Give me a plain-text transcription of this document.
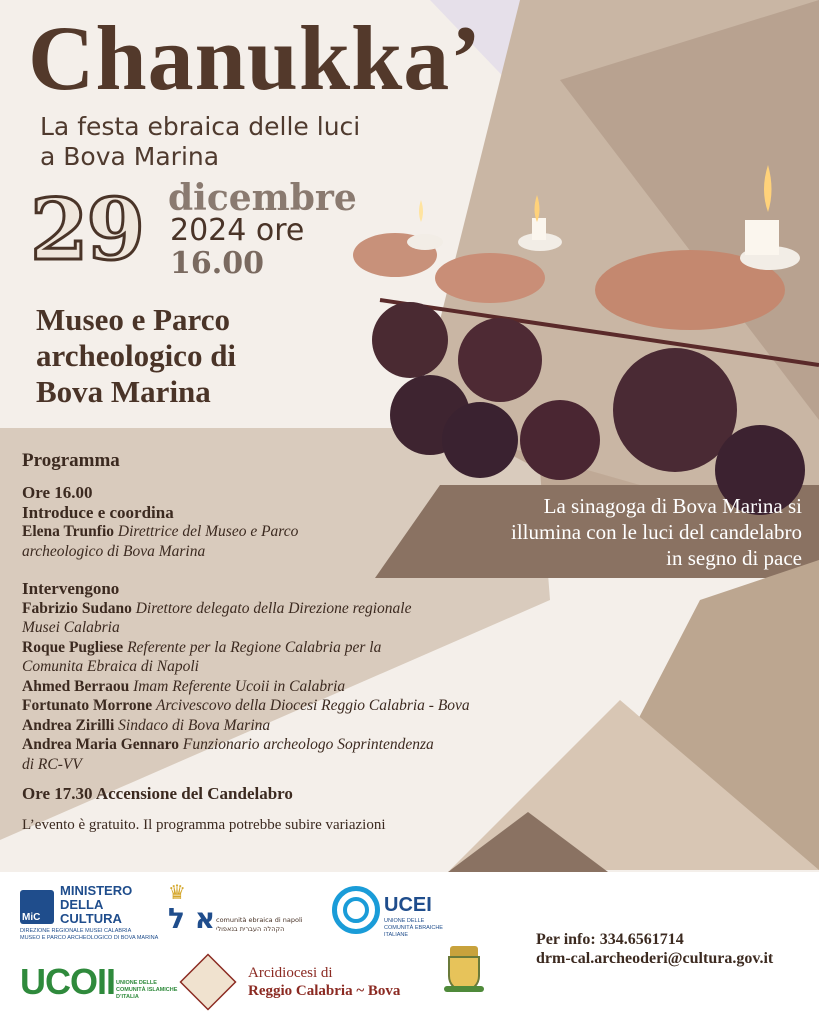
Chanukka’
La festa ebraica delle luci
a Bova Marina
29 dicembre
2024 ore
16.00
Museo e Parco
archeologico di
Bova Marina
La sinagoga di Bova Marina si
illumina con le luci del candelabro
in segno di pace

Programma

Ore 16.00

Introduce e coordina

Elena Trunfio Direttrice del Museo e Parco

archeologico di Bova Marina

Intervengono

Fabrizio Sudano Direttore delegato della Direzione regionale

Musei Calabria

Roque Pugliese Referente per la Regione Calabria per la

Comunita Ebraica di Napoli

Ahmed Berraou Imam Referente Ucoii in Calabria

Fortunato Morrone Arcivescovo della Diocesi Reggio Calabria - Bova

Andrea Zirilli Sindaco di Bova Marina

Andrea Maria Gennaro Funzionario archeologo Soprintendenza

di RC-VV

Ore 17.30 Accensione del Candelabro

L’evento è gratuito. Il programma potrebbe subire variazioni

MiC
MINISTERO
DELLA
CULTURA
DIREZIONE REGIONALE MUSEI CALABRIA
MUSEO E PARCO ARCHEOLOGICO DI BOVA MARINA
♛
א ל comunità ebraica di napoli
הקהלה העברית בנאפולי
UCEI
UNIONE DELLE
COMUNITÀ EBRAICHE
ITALIANE
UCOII UNIONE DELLE
COMUNITÀ ISLAMICHE
D’ITALIA
Arcidiocesi di
Reggio Calabria ~ Bova
Per info: 334.6561714
drm-cal.archeoderi@cultura.gov.it
